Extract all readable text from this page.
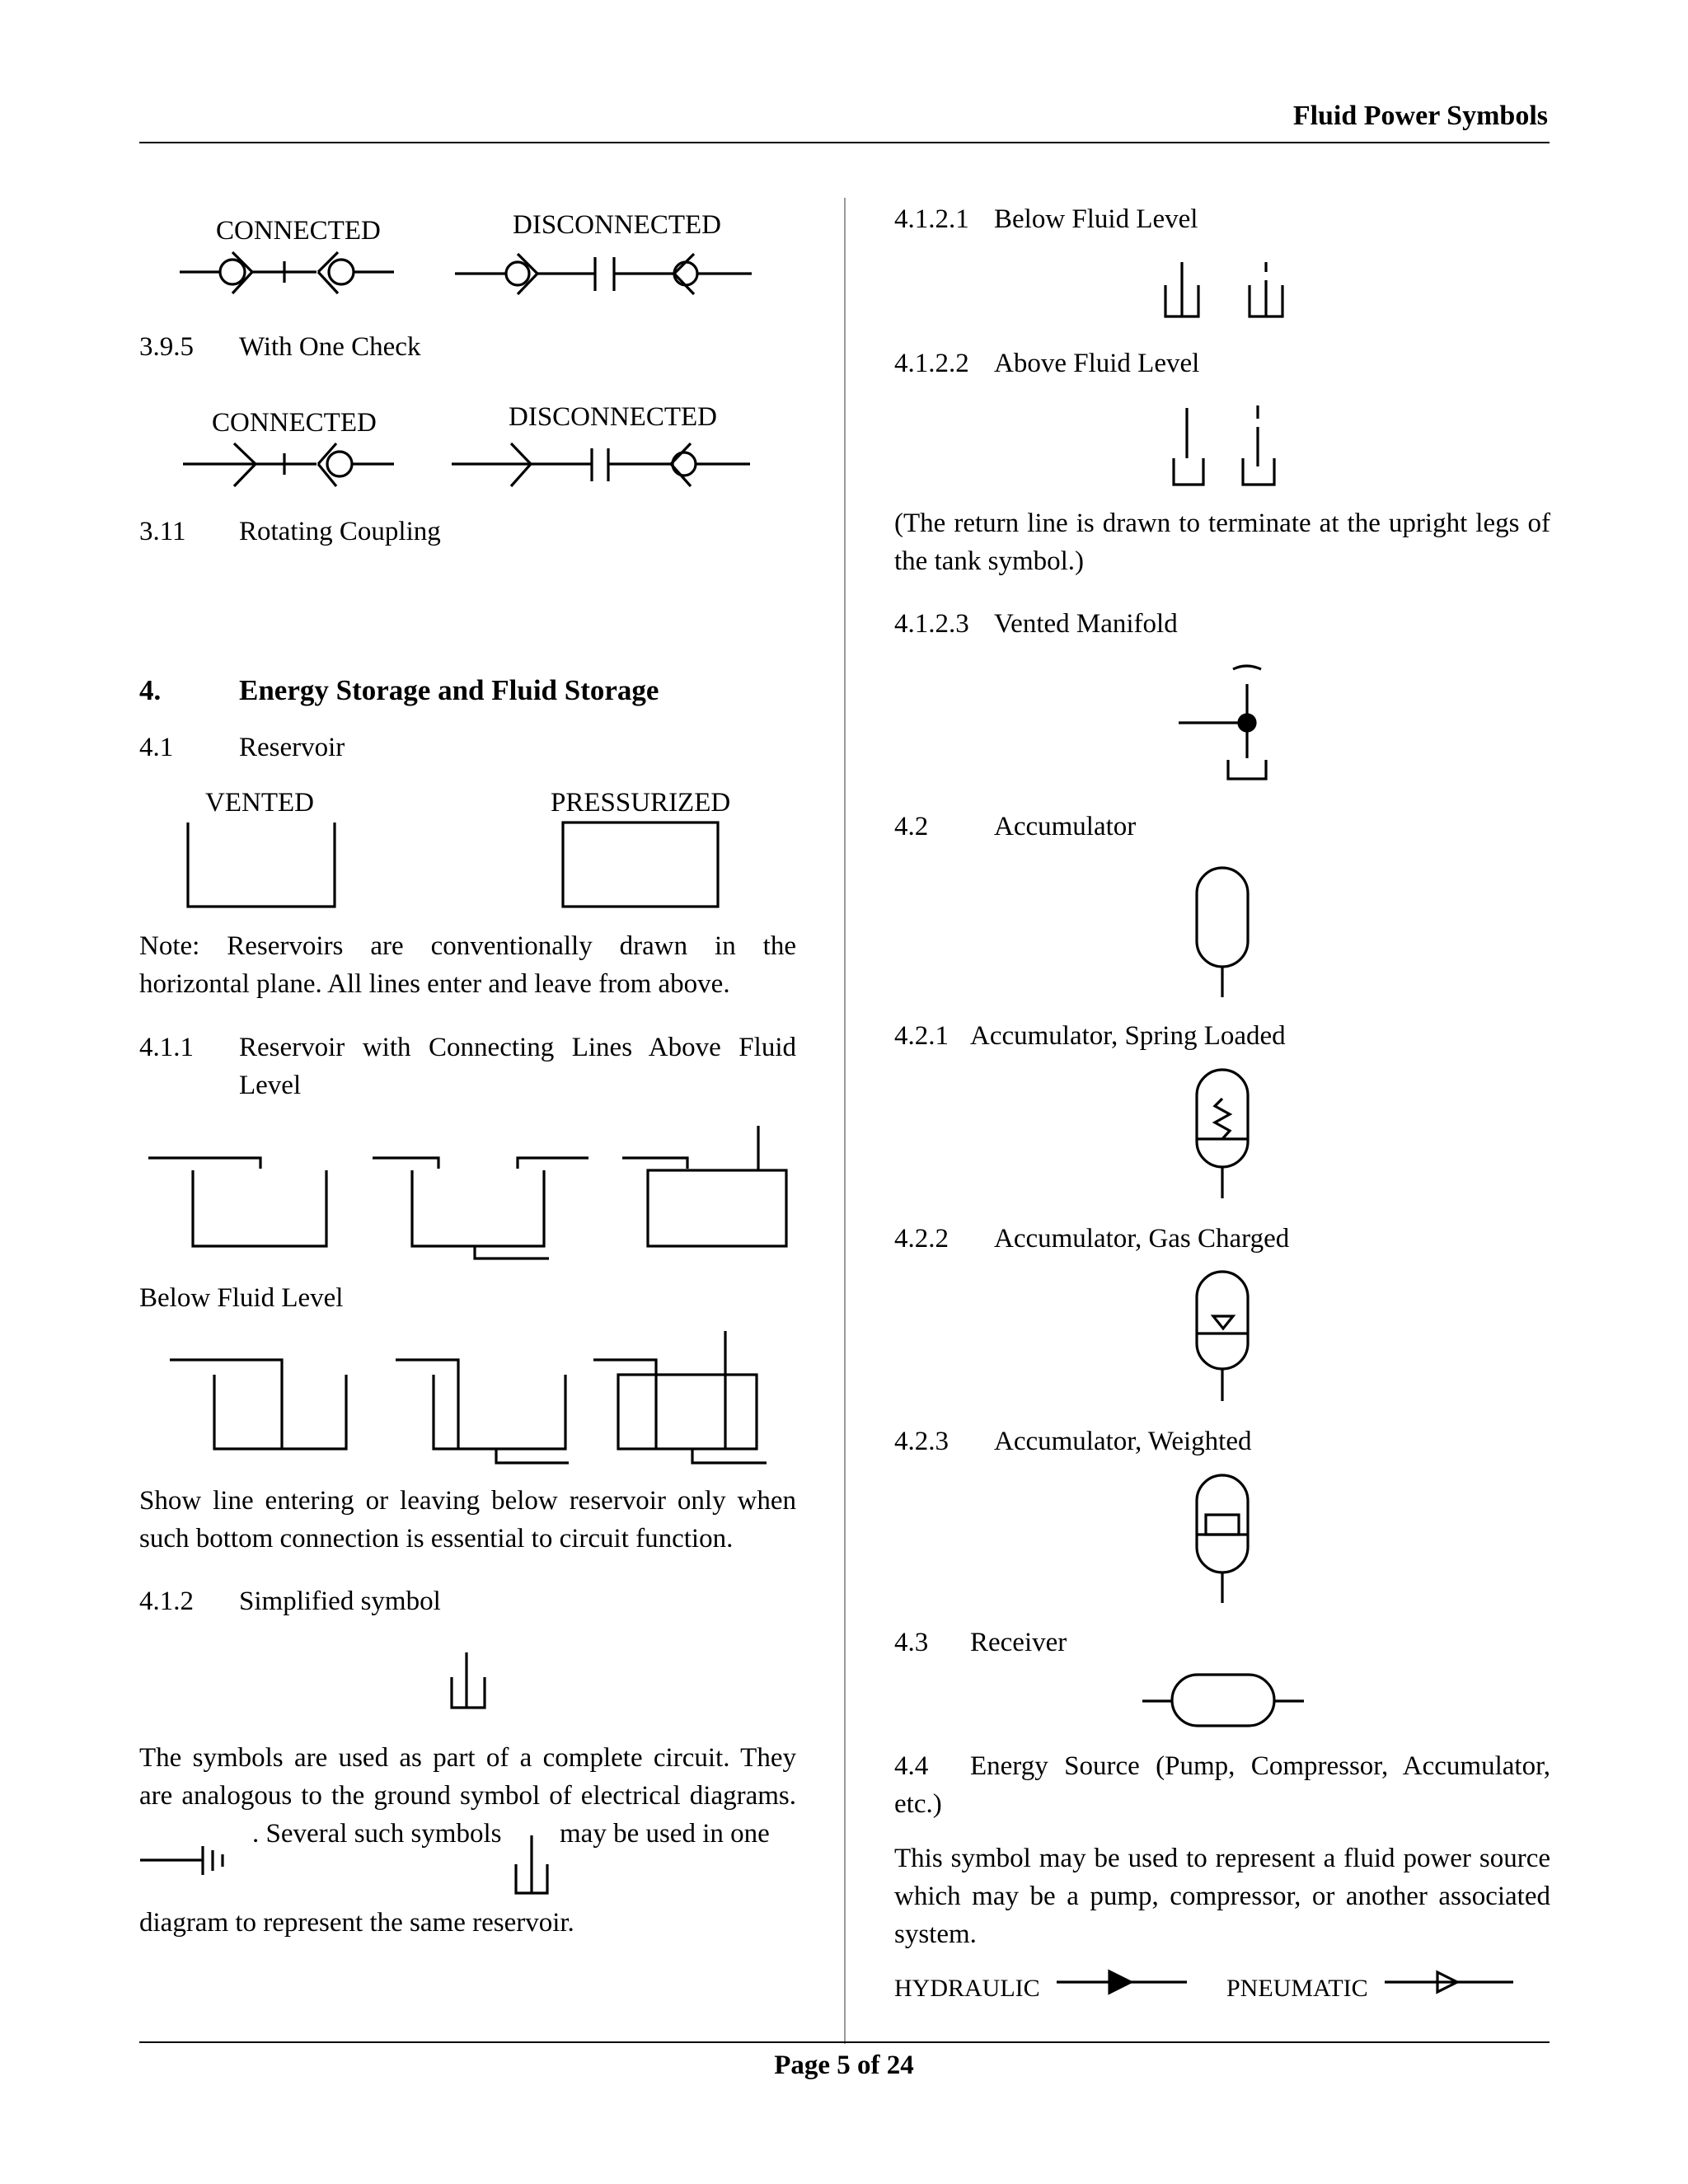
Fluid Power Symbols
CONNECTED	DISCONNECTED
3.9.5 With One Check
CONNECTED	DISCONNECTED
3.11 Rotating Coupling
4.	Energy Storage and Fluid Storage
4.1 Reservoir
VENTED	PRESSURIZED
Note: Reservoirs are conventionally drawn in the
horizontal plane. All lines enter and leave from above.
4.1.1	Reservoir with Connecting Lines Above Fluid
Level
Below Fluid Level
Show line entering or leaving below reservoir only when
such bottom connection is essential to circuit function.
4.1.2 Simplified symbol
The symbols are used as part of a complete circuit. They
are analogous to the ground symbol of electrical diagrams.
. Several such symbols may be used in one
diagram to represent the same reservoir.
4.1.2.1 Below Fluid Level
4.1.2.2 Above Fluid Level
(The return line is drawn to terminate at the upright legs of
the tank symbol.)
4.1.2.3 Vented Manifold
4.2 Accumulator
4.2.1 Accumulator, Spring Loaded
4.2.2 Accumulator, Gas Charged
4.2.3 Accumulator, Weighted
4.3 Receiver
4.4	Energy Source (Pump, Compressor, Accumulator,
etc.)
This symbol may be used to represent a fluid power source
which may be a pump, compressor, or another associated
system.
HYDRAULIC	PNEUMATIC
Page 5 of 24
